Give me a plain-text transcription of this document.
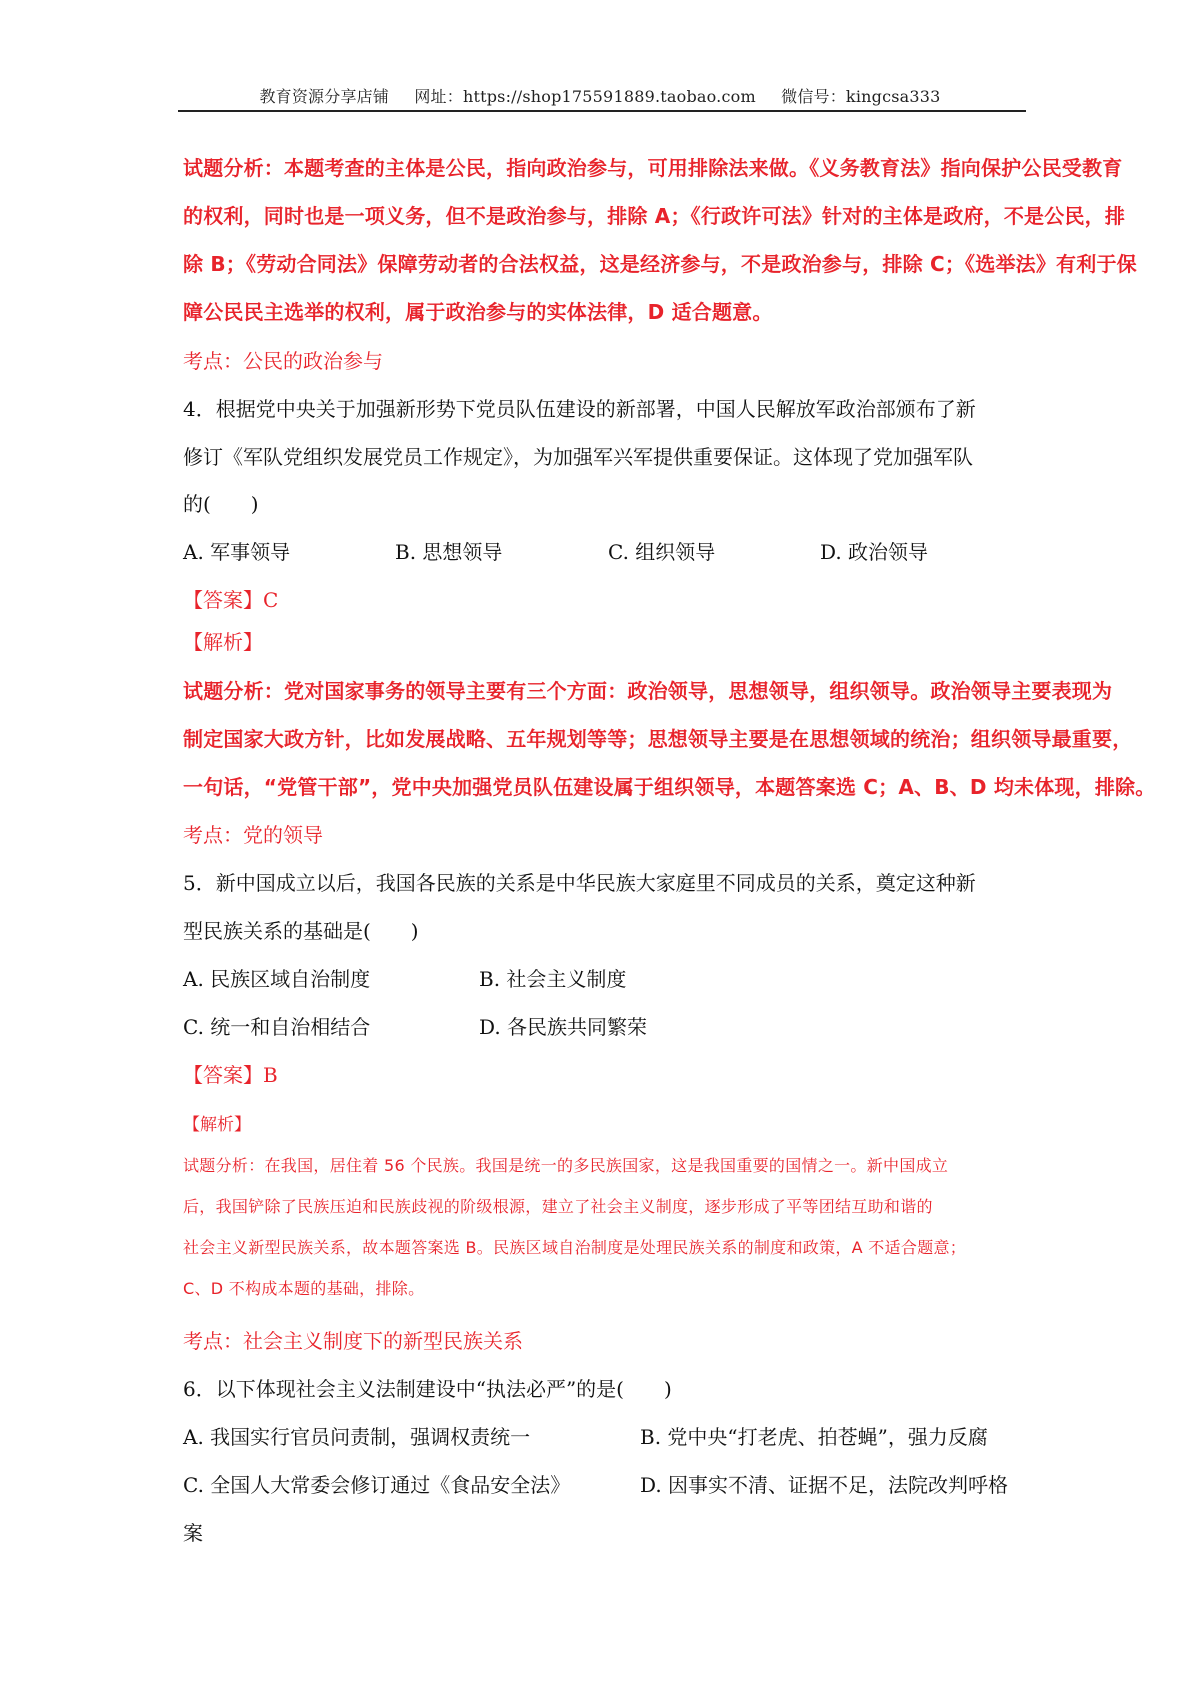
教育资源分享店铺 网址：https://shop175591889.taobao.com 微信号：kingcsa333
试题分析：本题考查的主体是公民，指向政治参与，可用排除法来做。《义务教育法》指向保护公民受教育
的权利，同时也是一项义务，但不是政治参与，排除 A；《行政许可法》针对的主体是政府，不是公民，排
除 B；《劳动合同法》保障劳动者的合法权益，这是经济参与，不是政治参与，排除 C；《选举法》有利于保
障公民民主选举的权利，属于政治参与的实体法律，D 适合题意。
考点：公民的政治参与
4．根据党中央关于加强新形势下党员队伍建设的新部署，中国人民解放军政治部颁布了新
修订《军队党组织发展党员工作规定》，为加强军兴军提供重要保证。这体现了党加强军队
的(　　)
A. 军事领导	B. 思想领导	C. 组织领导	D. 政治领导
【答案】C
【解析】
试题分析：党对国家事务的领导主要有三个方面：政治领导，思想领导，组织领导。政治领导主要表现为
制定国家大政方针，比如发展战略、五年规划等等；思想领导主要是在思想领域的统治；组织领导最重要，
一句话，“党管干部”，党中央加强党员队伍建设属于组织领导，本题答案选 C；A、B、D 均未体现，排除。
考点：党的领导
5．新中国成立以后，我国各民族的关系是中华民族大家庭里不同成员的关系，奠定这种新
型民族关系的基础是(　　)
A. 民族区域自治制度	B. 社会主义制度
C. 统一和自治相结合	D. 各民族共同繁荣
【答案】B
【解析】
试题分析：在我国，居住着 56 个民族。我国是统一的多民族国家，这是我国重要的国情之一。新中国成立
后，我国铲除了民族压迫和民族歧视的阶级根源，建立了社会主义制度，逐步形成了平等团结互助和谐的
社会主义新型民族关系，故本题答案选 B。民族区域自治制度是处理民族关系的制度和政策，A 不适合题意；
C、D 不构成本题的基础，排除。
考点：社会主义制度下的新型民族关系
6．以下体现社会主义法制建设中“执法必严”的是(　　)
A. 我国实行官员问责制，强调权责统一	B. 党中央“打老虎、拍苍蝇”，强力反腐
C. 全国人大常委会修订通过《食品安全法》	D. 因事实不清、证据不足，法院改判呼格
案
